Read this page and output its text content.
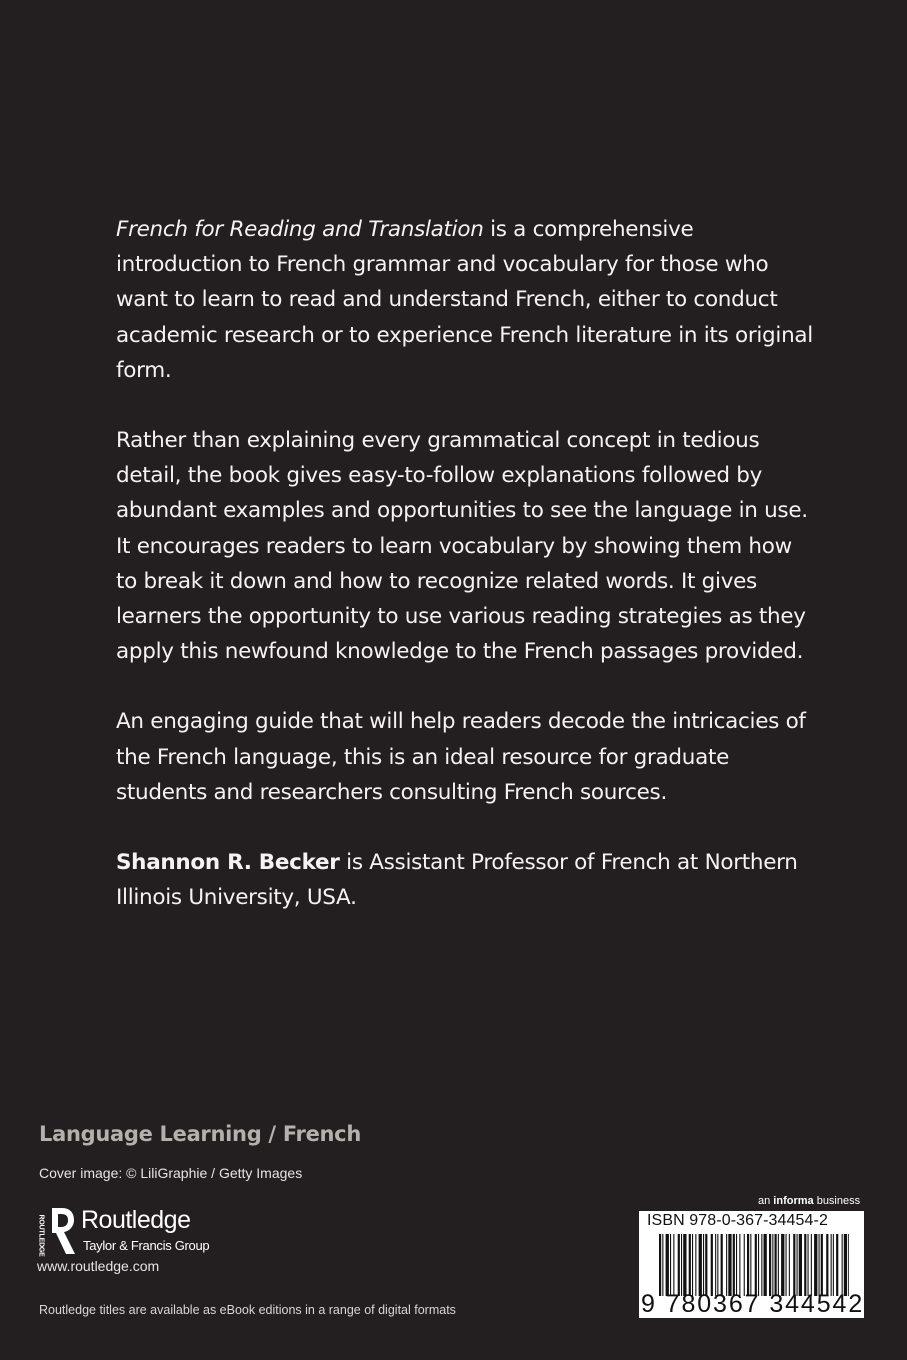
French for Reading and Translation is a comprehensive introduction to French grammar and vocabulary for those who want to learn to read and understand French, either to conduct academic research or to experience French literature in its original form.

Rather than explaining every grammatical concept in tedious detail, the book gives easy-to-follow explanations followed by abundant examples and opportunities to see the language in use. It encourages readers to learn vocabulary by showing them how to break it down and how to recognize related words. It gives learners the opportunity to use various reading strategies as they apply this newfound knowledge to the French passages provided.

An engaging guide that will help readers decode the intricacies of the French language, this is an ideal resource for graduate students and researchers consulting French sources.

Shannon R. Becker is Assistant Professor of French at Northern Illinois University, USA.

Language Learning / French
Cover image: © LiliGraphie / Getty Images
ROUTLEDGE Routledge
Taylor & Francis Group
www.routledge.com
Routledge titles are available as eBook editions in a range of digital formats
an informa business
ISBN 978-0-367-34454-2
9 780367 344542
